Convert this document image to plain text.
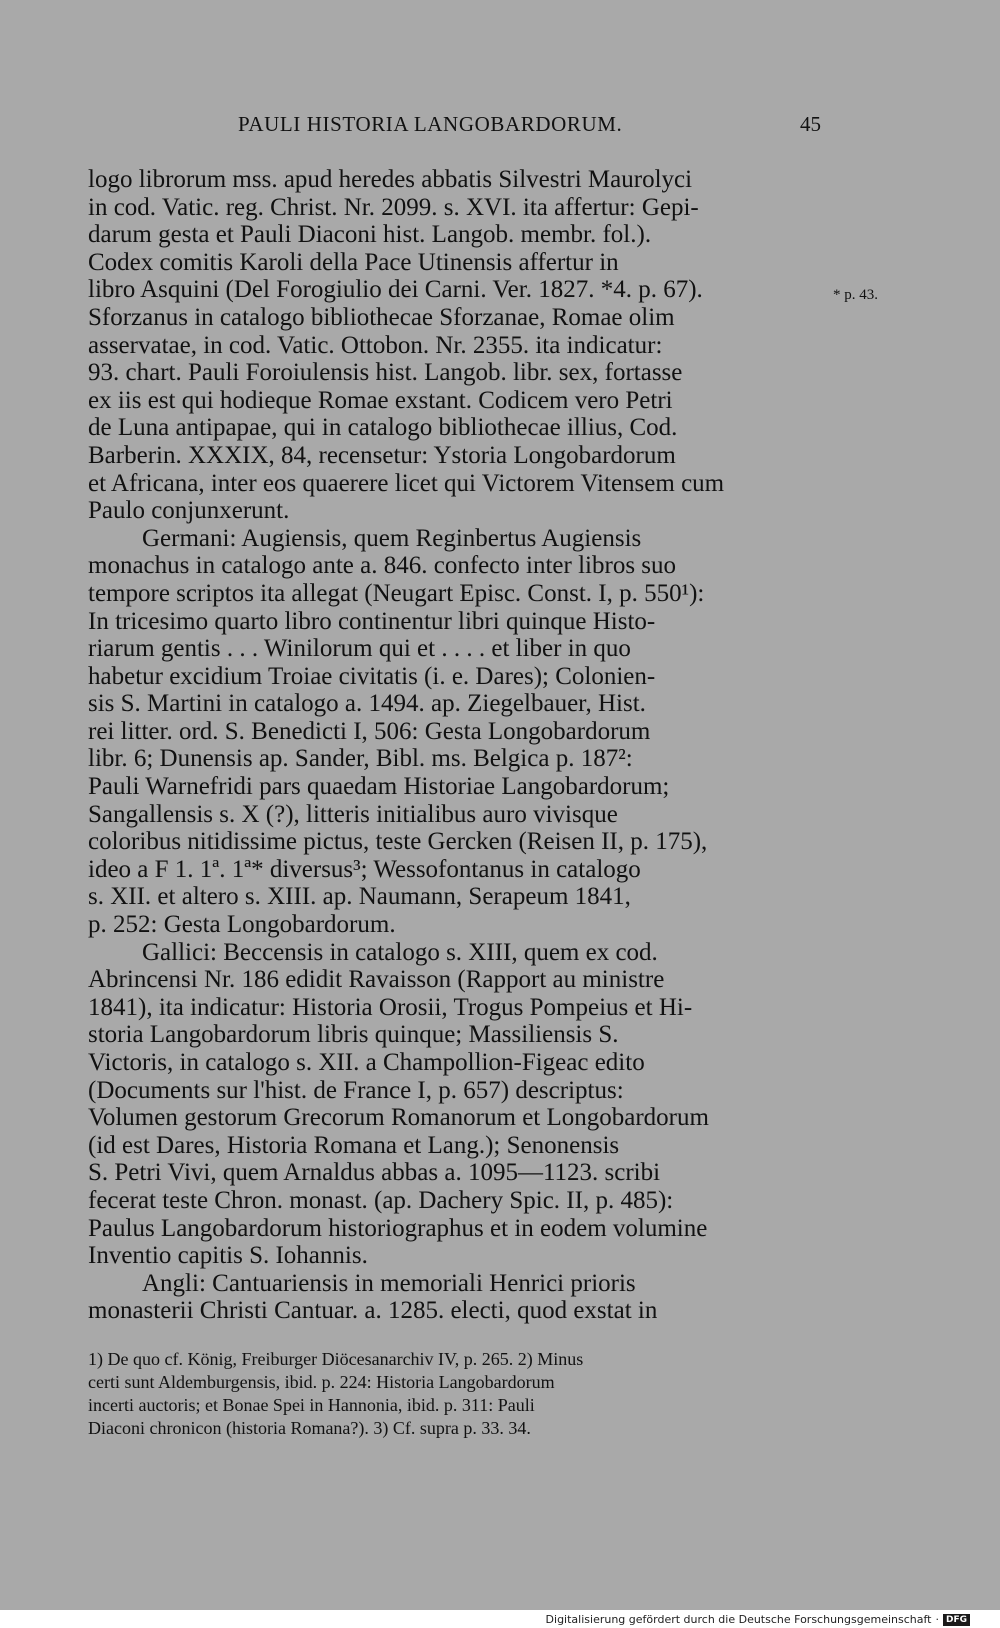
PAULI HISTORIA LANGOBARDORUM.	45
* p. 43.
logo librorum mss. apud heredes abbatis Silvestri Maurolyci
in cod. Vatic. reg. Christ. Nr. 2099. s. XVI. ita affertur: Gepi-
darum gesta et Pauli Diaconi hist. Langob. membr. fol.).
Codex comitis Karoli della Pace Utinensis affertur in
libro Asquini (Del Forogiulio dei Carni. Ver. 1827. *4. p. 67).
Sforzanus in catalogo bibliothecae Sforzanae, Romae olim
asservatae, in cod. Vatic. Ottobon. Nr. 2355. ita indicatur:
93. chart. Pauli Foroiulensis hist. Langob. libr. sex, fortasse
ex iis est qui hodieque Romae exstant. Codicem vero Petri
de Luna antipapae, qui in catalogo bibliothecae illius, Cod.
Barberin. XXXIX, 84, recensetur: Ystoria Longobardorum
et Africana, inter eos quaerere licet qui Victorem Vitensem cum
Paulo conjunxerunt.
Germani: Augiensis, quem Reginbertus Augiensis
monachus in catalogo ante a. 846. confecto inter libros suo
tempore scriptos ita allegat (Neugart Episc. Const. I, p. 550¹):
In tricesimo quarto libro continentur libri quinque Histo-
riarum gentis . . . Winilorum qui et . . . . et liber in quo
habetur excidium Troiae civitatis (i. e. Dares); Colonien-
sis S. Martini in catalogo a. 1494. ap. Ziegelbauer, Hist.
rei litter. ord. S. Benedicti I, 506: Gesta Longobardorum
libr. 6; Dunensis ap. Sander, Bibl. ms. Belgica p. 187²:
Pauli Warnefridi pars quaedam Historiae Langobardorum;
Sangallensis s. X (?), litteris initialibus auro vivisque
coloribus nitidissime pictus, teste Gercken (Reisen II, p. 175),
ideo a F 1. 1ª. 1ª* diversus³; Wessofontanus in catalogo
s. XII. et altero s. XIII. ap. Naumann, Serapeum 1841,
p. 252: Gesta Longobardorum.
Gallici: Beccensis in catalogo s. XIII, quem ex cod.
Abrincensi Nr. 186 edidit Ravaisson (Rapport au ministre
1841), ita indicatur: Historia Orosii, Trogus Pompeius et Hi-
storia Langobardorum libris quinque; Massiliensis S.
Victoris, in catalogo s. XII. a Champollion-Figeac edito
(Documents sur l'hist. de France I, p. 657) descriptus:
Volumen gestorum Grecorum Romanorum et Longobardorum
(id est Dares, Historia Romana et Lang.); Senonensis
S. Petri Vivi, quem Arnaldus abbas a. 1095—1123. scribi
fecerat teste Chron. monast. (ap. Dachery Spic. II, p. 485):
Paulus Langobardorum historiographus et in eodem volumine
Inventio capitis S. Iohannis.
Angli: Cantuariensis in memoriali Henrici prioris
monasterii Christi Cantuar. a. 1285. electi, quod exstat in
1) De quo cf. König, Freiburger Diöcesanarchiv IV, p. 265. 2) Minus
certi sunt Aldemburgensis, ibid. p. 224: Historia Langobardorum
incerti auctoris; et Bonae Spei in Hannonia, ibid. p. 311: Pauli
Diaconi chronicon (historia Romana?). 3) Cf. supra p. 33. 34.
Digitalisierung gefördert durch die Deutsche Forschungsgemeinschaft · DFG
